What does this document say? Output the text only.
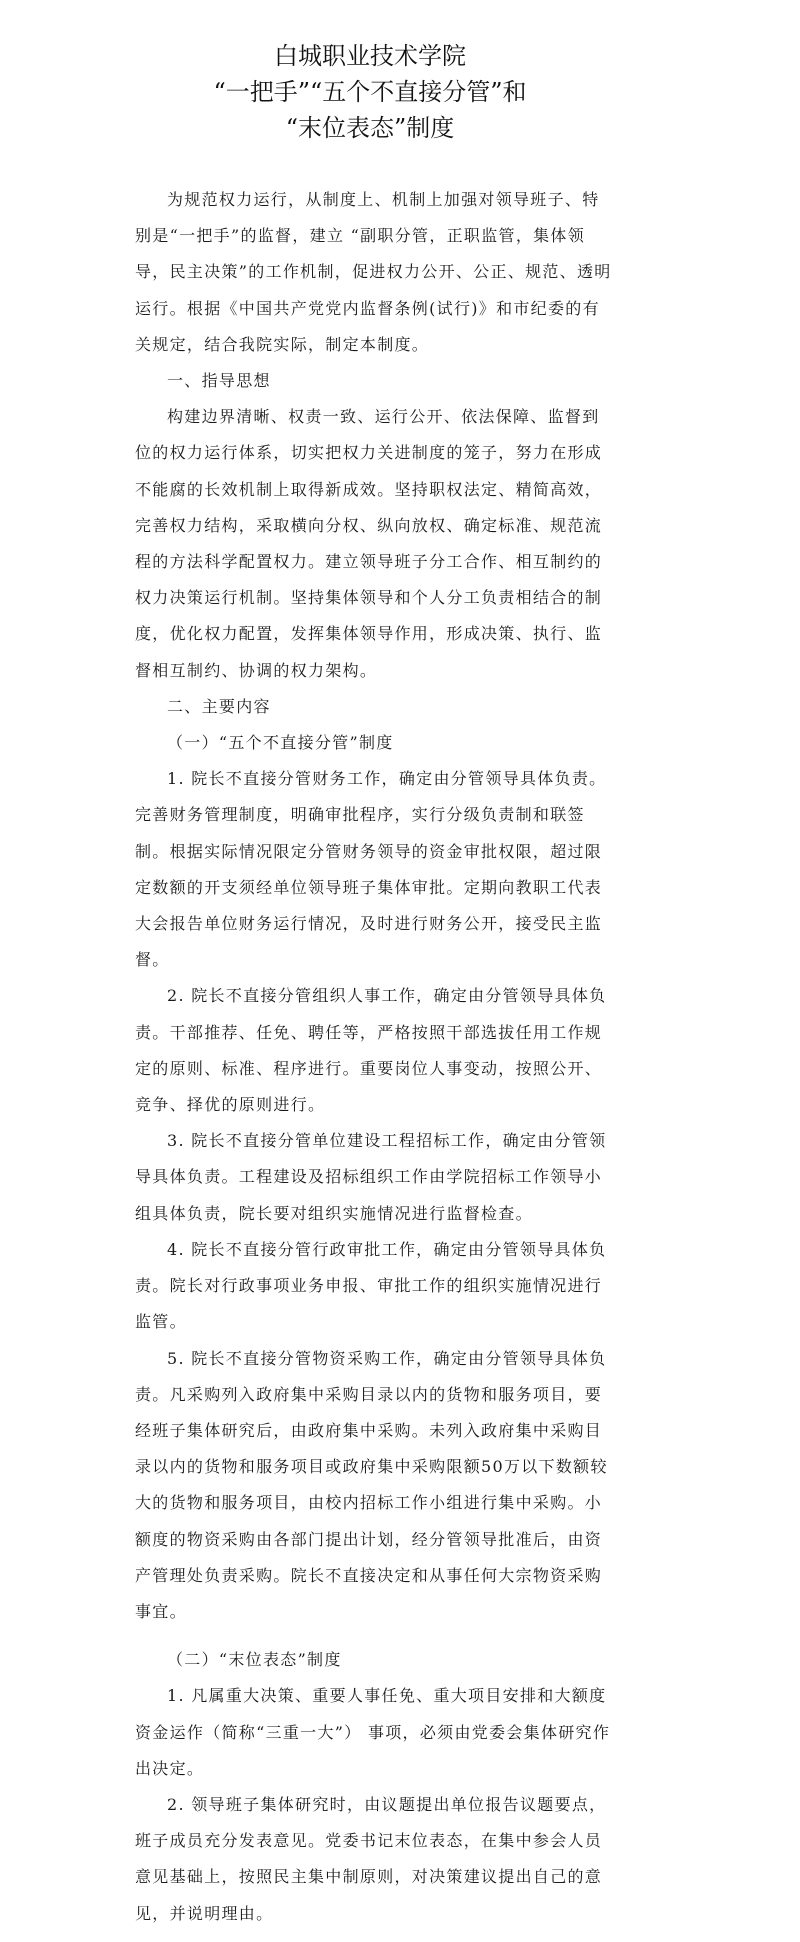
白城职业技术学院
“一把手”“五个不直接分管”和
“末位表态”制度

为规范权力运行，从制度上、机制上加强对领导班子、特别是“一把手”的监督，建立 “副职分管，正职监管，集体领导，民主决策”的工作机制，促进权力公开、公正、规范、透明运行。根据《中国共产党党内监督条例(试行)》和市纪委的有关规定，结合我院实际，制定本制度。

一、指导思想

构建边界清晰、权责一致、运行公开、依法保障、监督到位的权力运行体系，切实把权力关进制度的笼子，努力在形成不能腐的长效机制上取得新成效。坚持职权法定、精简高效，完善权力结构，采取横向分权、纵向放权、确定标准、规范流程的方法科学配置权力。建立领导班子分工合作、相互制约的权力决策运行机制。坚持集体领导和个人分工负责相结合的制度，优化权力配置，发挥集体领导作用，形成决策、执行、监督相互制约、协调的权力架构。

二、主要内容

（一）“五个不直接分管”制度

1. 院长不直接分管财务工作，确定由分管领导具体负责。完善财务管理制度，明确审批程序，实行分级负责制和联签制。根据实际情况限定分管财务领导的资金审批权限，超过限定数额的开支须经单位领导班子集体审批。定期向教职工代表大会报告单位财务运行情况，及时进行财务公开，接受民主监督。

2. 院长不直接分管组织人事工作，确定由分管领导具体负责。干部推荐、任免、聘任等，严格按照干部选拔任用工作规定的原则、标准、程序进行。重要岗位人事变动，按照公开、竞争、择优的原则进行。

3. 院长不直接分管单位建设工程招标工作，确定由分管领导具体负责。工程建设及招标组织工作由学院招标工作领导小组具体负责，院长要对组织实施情况进行监督检查。

4. 院长不直接分管行政审批工作，确定由分管领导具体负责。院长对行政事项业务申报、审批工作的组织实施情况进行监管。

5. 院长不直接分管物资采购工作，确定由分管领导具体负责。凡采购列入政府集中采购目录以内的货物和服务项目，要经班子集体研究后，由政府集中采购。未列入政府集中采购目录以内的货物和服务项目或政府集中采购限额50万以下数额较大的货物和服务项目，由校内招标工作小组进行集中采购。小额度的物资采购由各部门提出计划，经分管领导批准后，由资产管理处负责采购。院长不直接决定和从事任何大宗物资采购事宜。

（二）“末位表态”制度

1. 凡属重大决策、重要人事任免、重大项目安排和大额度资金运作（简称“三重一大”） 事项，必须由党委会集体研究作出决定。

2. 领导班子集体研究时，由议题提出单位报告议题要点，班子成员充分发表意见。党委书记末位表态，在集中参会人员意见基础上，按照民主集中制原则，对决策建议提出自己的意见，并说明理由。
